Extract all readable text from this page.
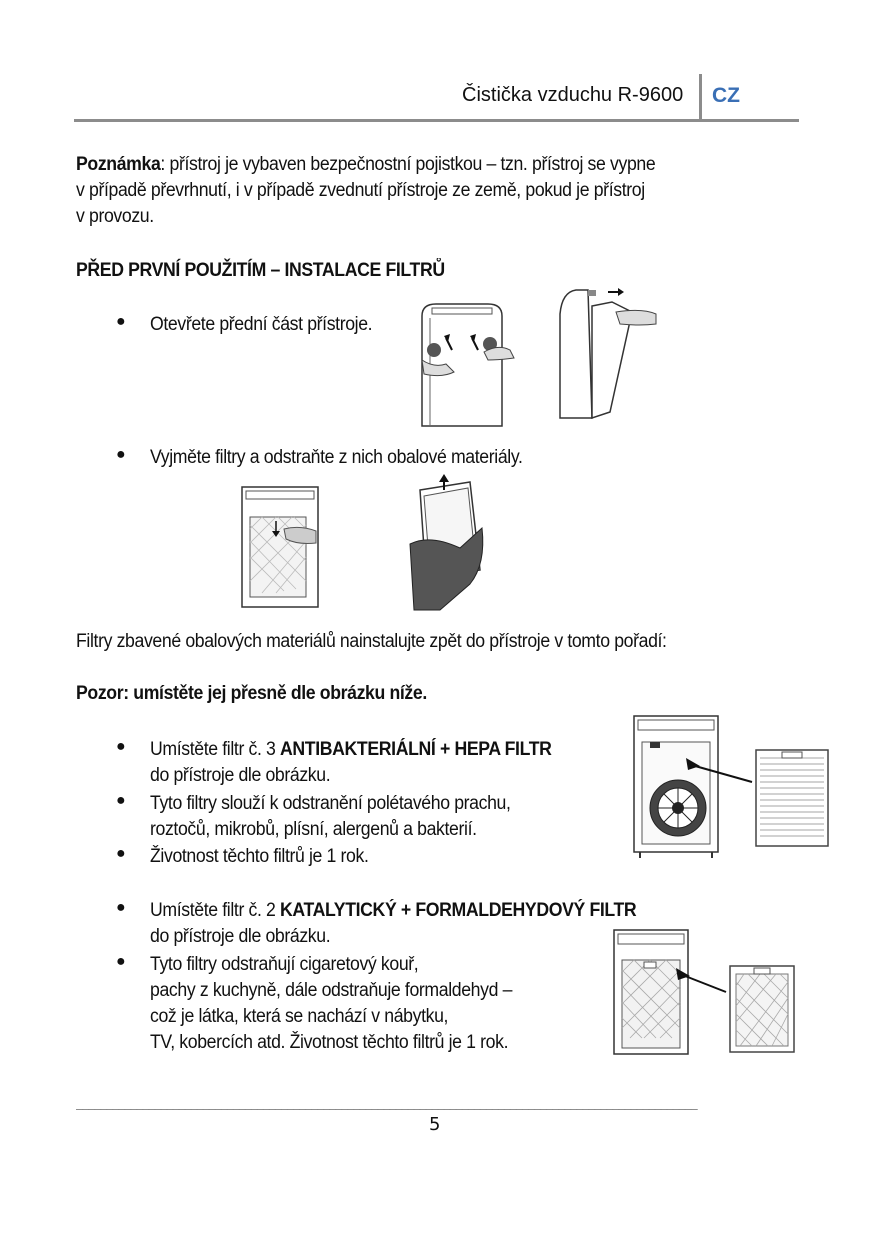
Čistička vzduchu R-9600 CZ
Poznámka: přístroj je vybaven bezpečnostní pojistkou – tzn. přístroj se vypne
v případě převrhnutí, i v případě zvednutí přístroje ze země, pokud je přístroj
v provozu.
PŘED PRVNÍ POUŽITÍM – INSTALACE FILTRŮ
● Otevřete přední část přístroje.
● Vyjměte filtry a odstraňte z nich obalové materiály.
Filtry zbavené obalových materiálů nainstalujte zpět do přístroje v tomto pořadí:
Pozor: umístěte jej přesně dle obrázku níže.
● Umístěte filtr č. 3 ANTIBAKTERIÁLNÍ + HEPA FILTR
do přístroje dle obrázku.
● Tyto filtry slouží k odstranění polétavého prachu,
roztočů, mikrobů, plísní, alergenů a bakterií.
● Životnost těchto filtrů je 1 rok.
● Umístěte filtr č. 2 KATALYTICKÝ + FORMALDEHYDOVÝ FILTR
do přístroje dle obrázku.
● Tyto filtry odstraňují cigaretový kouř,
pachy z kuchyně, dále odstraňuje formaldehyd –
což je látka, která se nachází v nábytku,
TV, kobercích atd. Životnost těchto filtrů je 1 rok.
_______________________________________________________________________________________________________
5
